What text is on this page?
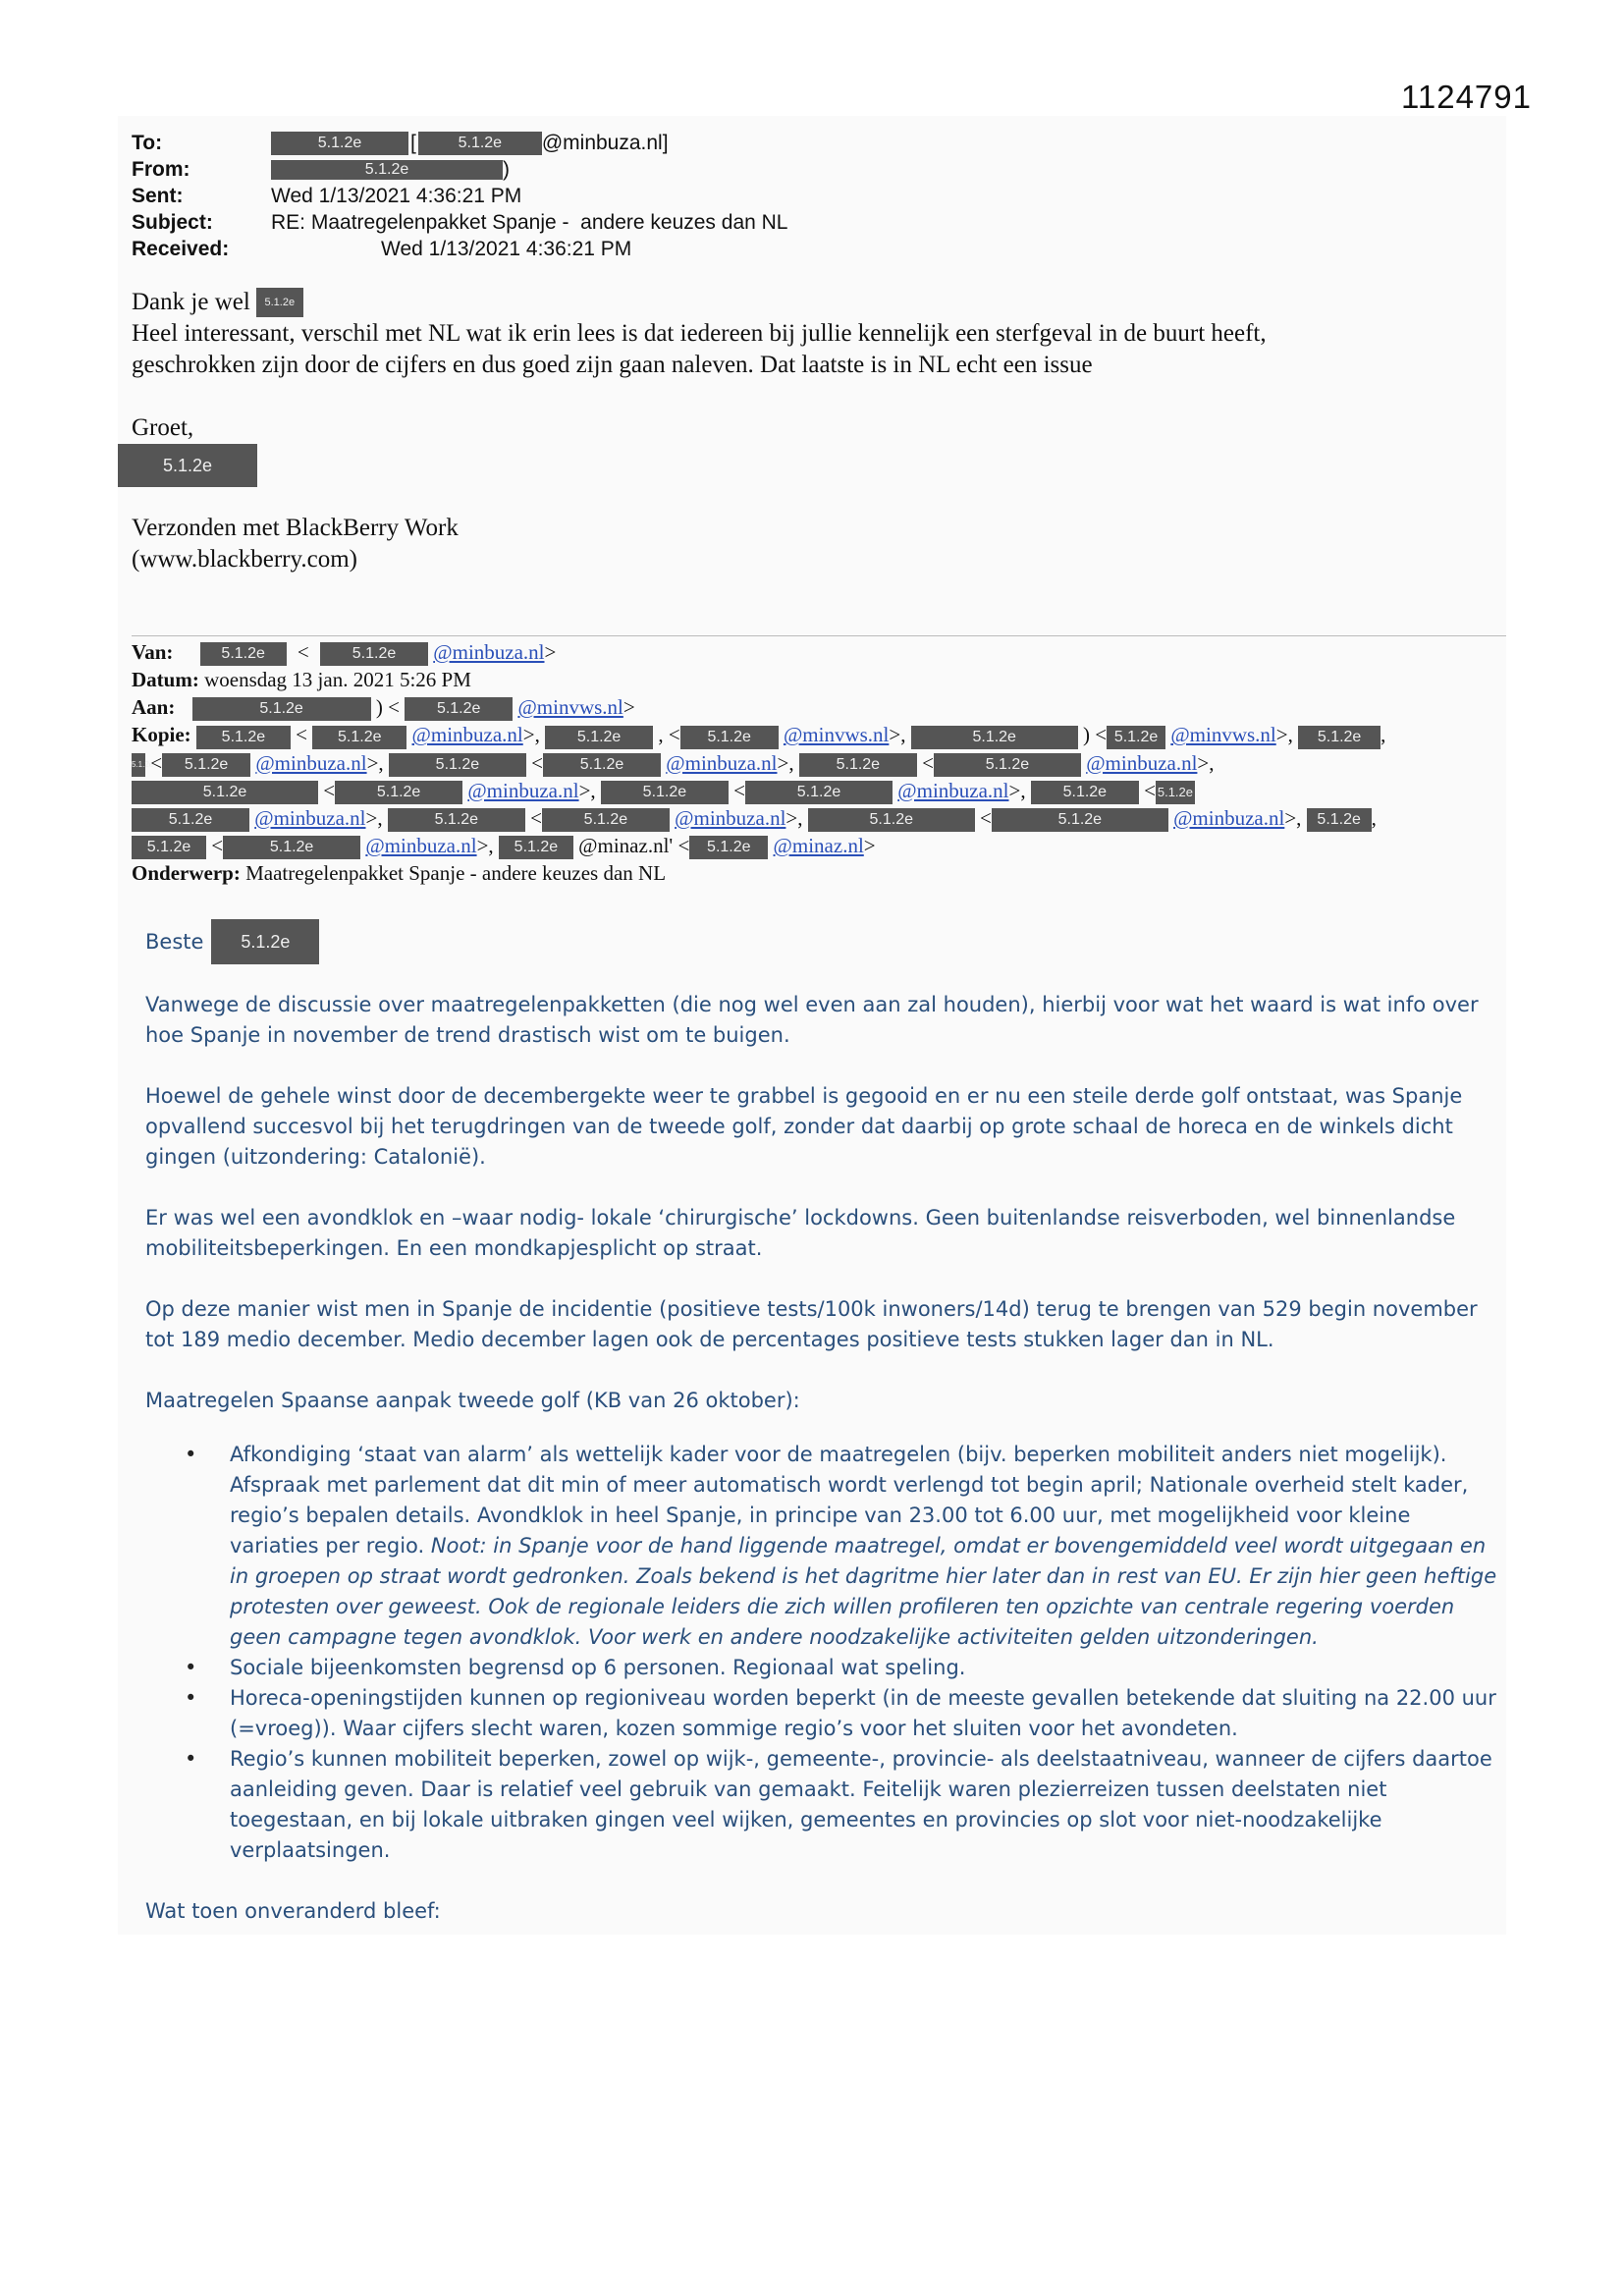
1124791
To:	5.1.2e	[	5.1.2e	@minbuza.nl]
From:	5.1.2e	)
Sent:	Wed 1/13/2021 4:36:21 PM
Subject:	RE: Maatregelenpakket Spanje -  andere keuzes dan NL
Received:	Wed 1/13/2021 4:36:21 PM

Dank je wel	5.1.2e

Heel interessant, verschil met NL wat ik erin lees is dat iedereen bij jullie kennelijk een sterfgeval in de buurt heeft,

geschrokken zijn door de cijfers en dus goed zijn gaan naleven. Dat laatste is in NL echt een issue

Groet,

5.1.2e

Verzonden met BlackBerry Work

(www.blackberry.com)

Van:	5.1.2e <	5.1.2e @minbuza.nl>
Datum: woensdag 13 jan. 2021 5:26 PM
Aan:	5.1.2e	) < 5.1.2e @minvws.nl>
Kopie: 5.1.2e < 5.1.2e @minbuza.nl>, 5.1.2e , < 5.1.2e @minvws.nl>,	5.1.2e	) < 5.1.2e @minvws.nl>, 5.1.2e ,
5.1.2e < 5.1.2e @minbuza.nl>,	5.1.2e	< 5.1.2e @minbuza.nl>,	5.1.2e <	5.1.2e	@minbuza.nl>,
5.1.2e	<	5.1.2e @minbuza.nl>,	5.1.2e <	5.1.2e	@minbuza.nl>, 5.1.2e < 5.1.2e
5.1.2e @minbuza.nl>,	5.1.2e	<	5.1.2e @minbuza.nl>,	5.1.2e	<	5.1.2e	@minbuza.nl>, 5.1.2e ,
5.1.2e <	5.1.2e	@minbuza.nl>, 5.1.2e @minaz.nl' < 5.1.2e @minaz.nl>
Onderwerp: Maatregelenpakket Spanje - andere keuzes dan NL

Beste	5.1.2e

Vanwege de discussie over maatregelenpakketten (die nog wel even aan zal houden), hierbij voor wat het waard is wat info over hoe Spanje in november de trend drastisch wist om te buigen.

Hoewel de gehele winst door de decembergekte weer te grabbel is gegooid en er nu een steile derde golf ontstaat, was Spanje opvallend succesvol bij het terugdringen van de tweede golf, zonder dat daarbij op grote schaal de horeca en de winkels dicht gingen (uitzondering: Catalonië).

Er was wel een avondklok en –waar nodig- lokale ‘chirurgische’ lockdowns. Geen buitenlandse reisverboden, wel binnenlandse mobiliteitsbeperkingen. En een mondkapjesplicht op straat.

Op deze manier wist men in Spanje de incidentie (positieve tests/100k inwoners/14d) terug te brengen van 529 begin november tot 189 medio december. Medio december lagen ook de percentages positieve tests stukken lager dan in NL.

Maatregelen Spaanse aanpak tweede golf (KB van 26 oktober):

• Afkondiging ‘staat van alarm’ als wettelijk kader voor de maatregelen (bijv. beperken mobiliteit anders niet mogelijk). Afspraak met parlement dat dit min of meer automatisch wordt verlengd tot begin april; Nationale overheid stelt kader, regio’s bepalen details. Avondklok in heel Spanje, in principe van 23.00 tot 6.00 uur, met mogelijkheid voor kleine variaties per regio. Noot: in Spanje voor de hand liggende maatregel, omdat er bovengemiddeld veel wordt uitgegaan en in groepen op straat wordt gedronken. Zoals bekend is het dagritme hier later dan in rest van EU. Er zijn hier geen heftige protesten over geweest. Ook de regionale leiders die zich willen profileren ten opzichte van centrale regering voerden geen campagne tegen avondklok. Voor werk en andere noodzakelijke activiteiten gelden uitzonderingen.
• Sociale bijeenkomsten begrensd op 6 personen. Regionaal wat speling.
• Horeca-openingstijden kunnen op regioniveau worden beperkt (in de meeste gevallen betekende dat sluiting na 22.00 uur (=vroeg)). Waar cijfers slecht waren, kozen sommige regio’s voor het sluiten voor het avondeten.
• Regio’s kunnen mobiliteit beperken, zowel op wijk-, gemeente-, provincie- als deelstaatniveau, wanneer de cijfers daartoe aanleiding geven. Daar is relatief veel gebruik van gemaakt. Feitelijk waren plezierreizen tussen deelstaten niet toegestaan, en bij lokale uitbraken gingen veel wijken, gemeentes en provincies op slot voor niet-noodzakelijke verplaatsingen.

Wat toen onveranderd bleef:
